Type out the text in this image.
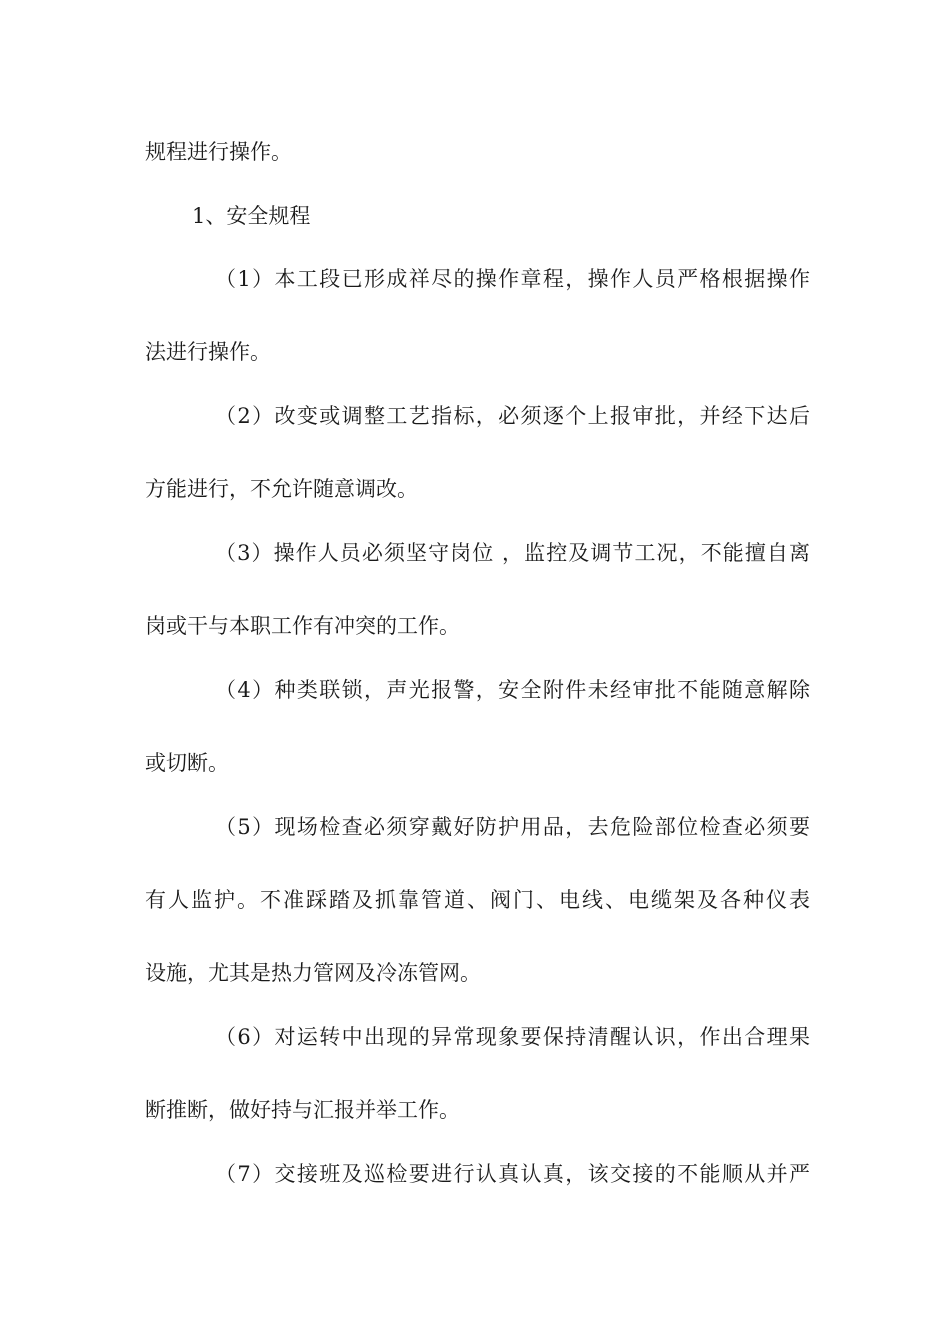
规程进行操作。
1、安全规程
（1）本工段已形成祥尽的操作章程，操作人员严格根据操作
法进行操作。
（2）改变或调整工艺指标，必须逐个上报审批，并经下达后
方能进行，不允许随意调改。
（3）操作人员必须坚守岗位 ，监控及调节工况，不能擅自离
岗或干与本职工作有冲突的工作。
（4）种类联锁，声光报警，安全附件未经审批不能随意解除
或切断。
（5）现场检查必须穿戴好防护用品，去危险部位检查必须要
有人监护。不准踩踏及抓靠管道、阀门、电线、电缆架及各种仪表
设施，尤其是热力管网及冷冻管网。
（6）对运转中出现的异常现象要保持清醒认识，作出合理果
断推断，做好持与汇报并举工作。
（7）交接班及巡检要进行认真认真，该交接的不能顺从并严
